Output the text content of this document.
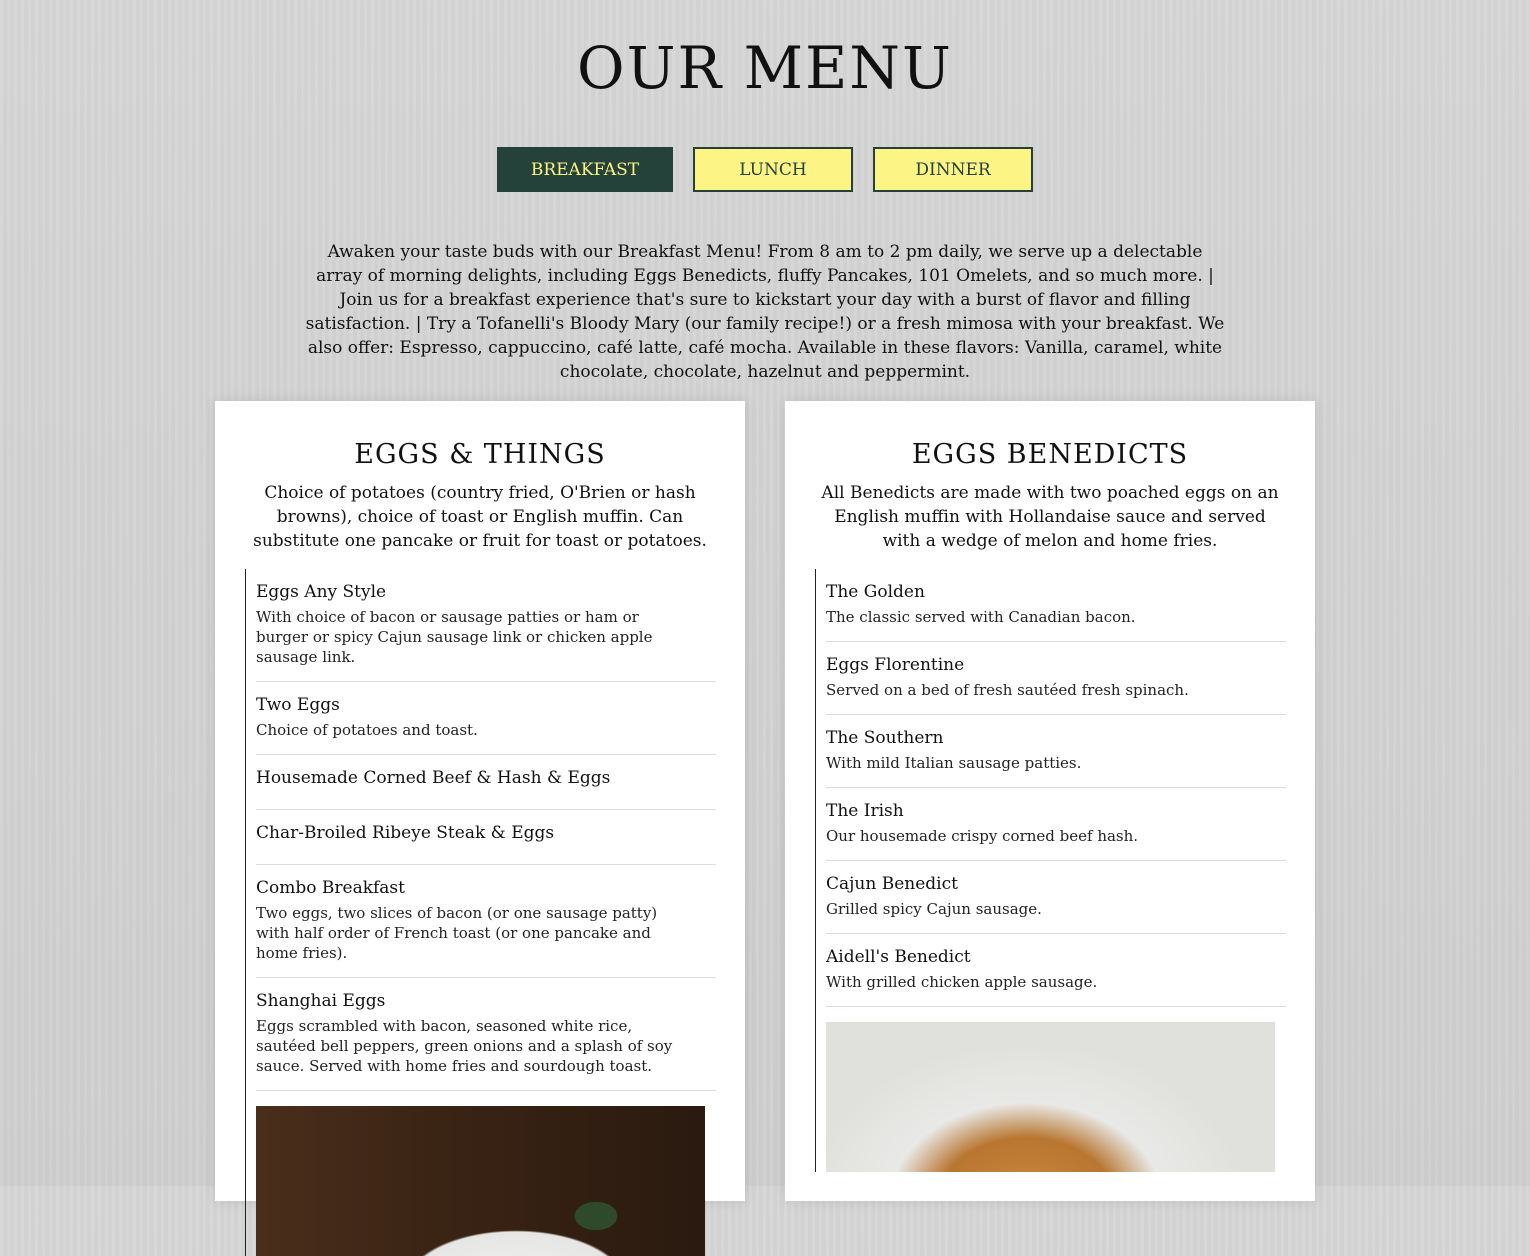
OUR MENU
BREAKFAST	LUNCH	DINNER

Awaken your taste buds with our Breakfast Menu! From 8 am to 2 pm daily, we serve up a delectable array of morning delights, including Eggs Benedicts, fluffy Pancakes, 101 Omelets, and so much more. | Join us for a breakfast experience that's sure to kickstart your day with a burst of flavor and filling satisfaction. | Try a Tofanelli's Bloody Mary (our family recipe!) or a fresh mimosa with your breakfast. We also offer: Espresso, cappuccino, café latte, café mocha. Available in these flavors: Vanilla, caramel, white chocolate, chocolate, hazelnut and peppermint.

EGGS & THINGS

Choice of potatoes (country fried, O'Brien or hash browns), choice of toast or English muffin. Can substitute one pancake or fruit for toast or potatoes.

Eggs Any Style

With choice of bacon or sausage patties or ham or burger or spicy Cajun sausage link or chicken apple sausage link.

Two Eggs

Choice of potatoes and toast.

Housemade Corned Beef & Hash & Eggs

Char-Broiled Ribeye Steak & Eggs

Combo Breakfast

Two eggs, two slices of bacon (or one sausage patty) with half order of French toast (or one pancake and home fries).

Shanghai Eggs

Eggs scrambled with bacon, seasoned white rice, sautéed bell peppers, green onions and a splash of soy sauce. Served with home fries and sourdough toast.

EGGS BENEDICTS

All Benedicts are made with two poached eggs on an English muffin with Hollandaise sauce and served with a wedge of melon and home fries.

The Golden

The classic served with Canadian bacon.

Eggs Florentine

Served on a bed of fresh sautéed fresh spinach.

The Southern

With mild Italian sausage patties.

The Irish

Our housemade crispy corned beef hash.

Cajun Benedict

Grilled spicy Cajun sausage.

Aidell's Benedict

With grilled chicken apple sausage.
